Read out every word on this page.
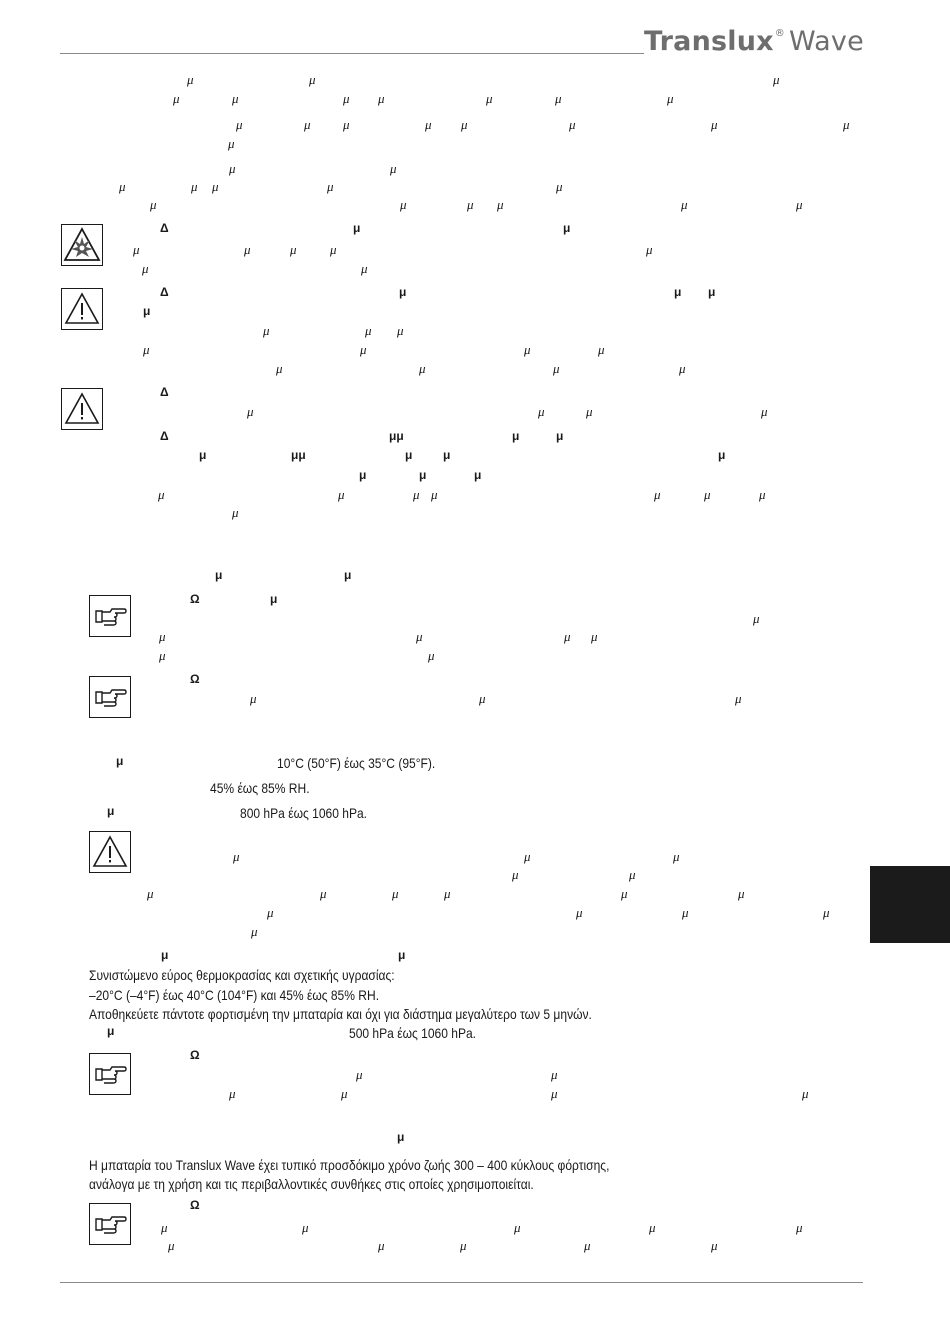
Translux® Wave
10°C (50°F) έως 35°C (95°F).
45% έως 85% RH.
800 hPa έως 1060 hPa.
Συνιστώμενο εύρος θερμοκρασίας και σχετικής υγρασίας:
–20°C (–4°F) έως 40°C (104°F) και 45% έως 85% RH.
Αποθηκεύετε πάντοτε φορτισμένη την μπαταρία και όχι για διάστημα μεγαλύτερο των 5 μηνών.
500 hPa έως 1060 hPa.
Η μπαταρία του Translux Wave έχει τυπικό προσδόκιμο χρόνο ζωής 300 – 400 κύκλους φόρτισης,
ανάλογα με τη χρήση και τις περιβαλλοντικές συνθήκες στις οποίες χρησιμοποιείται.
μ	μ	μ
μ	μ	μ μ	μ	μ	μ
μ	μ μ	μ μ	μ	μ	μ
μ
μ	μ
μ	μ μ	μ	μ
μ	μ	μ μ	μ	μ
Δ	μ	μ
μ	μ	μ	μ	μ
μ	μ
Δ	μ	μ μ
μ
μ	μ μ
μ	μ	μ	μ
μ	μ	μ	μ
Δ
μ	μ	μ	μ
Δ	μμ	μ	μ
μ	μμ	μ	μ	μ
μ	μ	μ
μ	μ	μ μ	μ	μ	μ
μ
μ	μ
Ω	μ
μ
μ	μ	μ μ
μ	μ
Ω
μ	μ	μ
μ
μ
μ	μ	μ
μ	μ
μ	μ	μ	μ	μ	μ
μ	μ	μ	μ
μ
μ	μ
μ
Ω
μ	μ
μ	μ	μ	μ
μ
Ω
μ	μ	μ	μ	μ
μ	μ	μ	μ	μ
